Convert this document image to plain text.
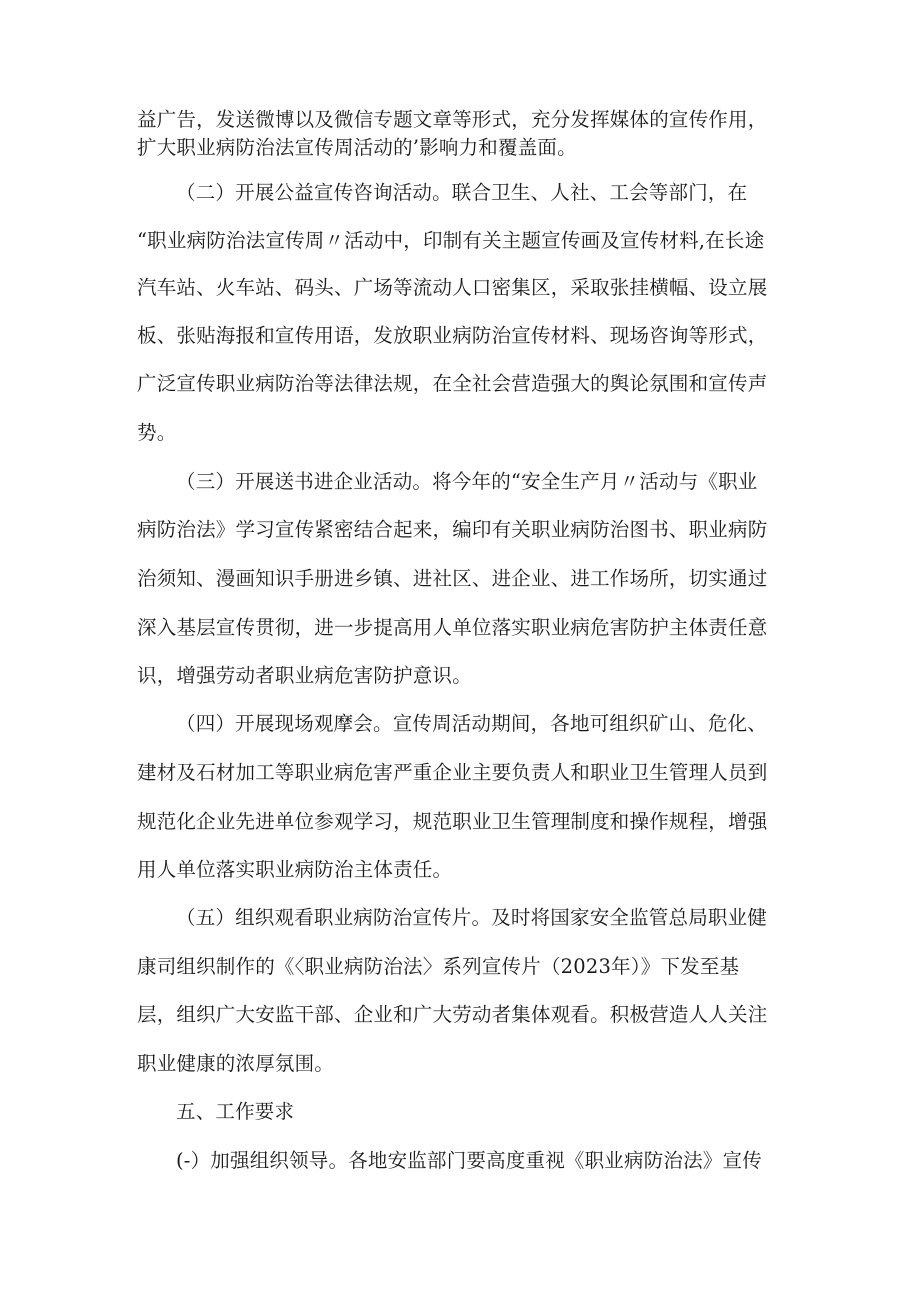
益广告，发送微博以及微信专题文章等形式，充分发挥媒体的宣传作用，
扩大职业病防治法宣传周活动的’影响力和覆盖面。
（二）开展公益宣传咨询活动。联合卫生、人社、工会等部门，在
“职业病防治法宣传周〃活动中，印制有关主题宣传画及宣传材料,在长途
汽车站、火车站、码头、广场等流动人口密集区，采取张挂横幅、设立展
板、张贴海报和宣传用语，发放职业病防治宣传材料、现场咨询等形式，
广泛宣传职业病防治等法律法规，在全社会营造强大的舆论氛围和宣传声
势。
（三）开展送书进企业活动。将今年的“安全生产月〃活动与《职业
病防治法》学习宣传紧密结合起来，编印有关职业病防治图书、职业病防
治须知、漫画知识手册进乡镇、进社区、进企业、进工作场所，切实通过
深入基层宣传贯彻，进一步提高用人单位落实职业病危害防护主体责任意
识，增强劳动者职业病危害防护意识。
（四）开展现场观摩会。宣传周活动期间，各地可组织矿山、危化、
建材及石材加工等职业病危害严重企业主要负责人和职业卫生管理人员到
规范化企业先进单位参观学习，规范职业卫生管理制度和操作规程，增强
用人单位落实职业病防治主体责任。
（五）组织观看职业病防治宣传片。及时将国家安全监管总局职业健
康司组织制作的《〈职业病防治法〉系列宣传片（2023年）》下发至基
层，组织广大安监干部、企业和广大劳动者集体观看。积极营造人人关注
职业健康的浓厚氛围。
五、工作要求
(-）加强组织领导。各地安监部门要高度重视《职业病防治法》宣传
